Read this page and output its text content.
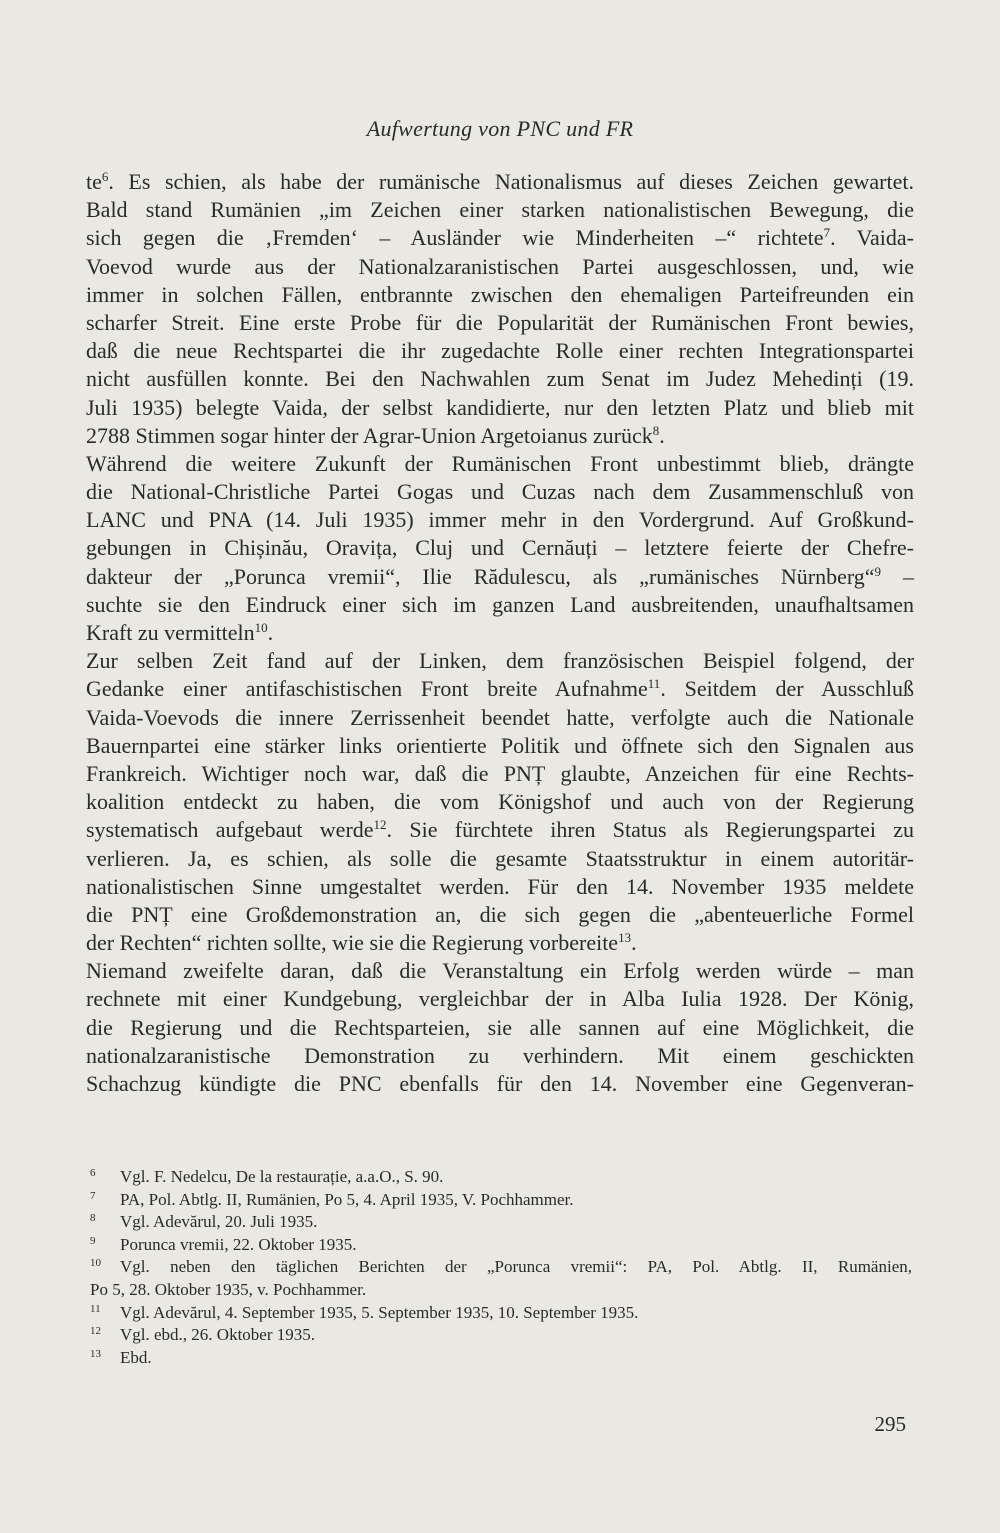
Aufwertung von PNC und FR
$te^6$. Es schien, als habe der rumänische Nationalismus auf dieses Zeichen gewartet.
Bald stand Rumänien „im Zeichen einer starken nationalistischen Bewegung, die
sich gegen die ‚Fremden‘ – Ausländer wie Minderheiten –“ richtete$^7$. Vaida-
Voevod wurde aus der Nationalzaranistischen Partei ausgeschlossen, und, wie
immer in solchen Fällen, entbrannte zwischen den ehemaligen Parteifreunden ein
scharfer Streit. Eine erste Probe für die Popularität der Rumänischen Front bewies,
daß die neue Rechtspartei die ihr zugedachte Rolle einer rechten Integrationspartei
nicht ausfüllen konnte. Bei den Nachwahlen zum Senat im Judez Mehedinți (19.
Juli 1935) belegte Vaida, der selbst kandidierte, nur den letzten Platz und blieb mit
2788 Stimmen sogar hinter der Agrar-Union Argetoianus zurück$^8$.
Während die weitere Zukunft der Rumänischen Front unbestimmt blieb, drängte
die National-Christliche Partei Gogas und Cuzas nach dem Zusammenschluß von
LANC und PNA (14. Juli 1935) immer mehr in den Vordergrund. Auf Großkund-
gebungen in Chișinău, Oravița, Cluj und Cernăuți – letztere feierte der Chefre-
dakteur der „Porunca vremii“, Ilie Rădulescu, als „rumänisches Nürnberg“$^9$ –
suchte sie den Eindruck einer sich im ganzen Land ausbreitenden, unaufhaltsamen
Kraft zu vermitteln$^{10}$.
Zur selben Zeit fand auf der Linken, dem französischen Beispiel folgend, der
Gedanke einer antifaschistischen Front breite Aufnahme$^{11}$. Seitdem der Ausschluß
Vaida-Voevods die innere Zerrissenheit beendet hatte, verfolgte auch die Nationale
Bauernpartei eine stärker links orientierte Politik und öffnete sich den Signalen aus
Frankreich. Wichtiger noch war, daß die PNȚ glaubte, Anzeichen für eine Rechts-
koalition entdeckt zu haben, die vom Königshof und auch von der Regierung
systematisch aufgebaut werde$^{12}$. Sie fürchtete ihren Status als Regierungspartei zu
verlieren. Ja, es schien, als solle die gesamte Staatsstruktur in einem autoritär-
nationalistischen Sinne umgestaltet werden. Für den 14. November 1935 meldete
die PNȚ eine Großdemonstration an, die sich gegen die „abenteuerliche Formel
der Rechten“ richten sollte, wie sie die Regierung vorbereite$^{13}$.
Niemand zweifelte daran, daß die Veranstaltung ein Erfolg werden würde – man
rechnete mit einer Kundgebung, vergleichbar der in Alba Iulia 1928. Der König,
die Regierung und die Rechtsparteien, sie alle sannen auf eine Möglichkeit, die
nationalzaranistische Demonstration zu verhindern. Mit einem geschickten
Schachzug kündigte die PNC ebenfalls für den 14. November eine Gegenveran-
6 Vgl. F. Nedelcu, De la restaurație, a.a.O., S. 90.
7 PA, Pol. Abtlg. II, Rumänien, Po 5, 4. April 1935, V. Pochhammer.
8 Vgl. Adevărul, 20. Juli 1935.
9 Porunca vremii, 22. Oktober 1935.
10 Vgl. neben den täglichen Berichten der „Porunca vremii“: PA, Pol. Abtlg. II, Rumänien,
Po 5, 28. Oktober 1935, v. Pochhammer.
11 Vgl. Adevărul, 4. September 1935, 5. September 1935, 10. September 1935.
12 Vgl. ebd., 26. Oktober 1935.
13 Ebd.
295
